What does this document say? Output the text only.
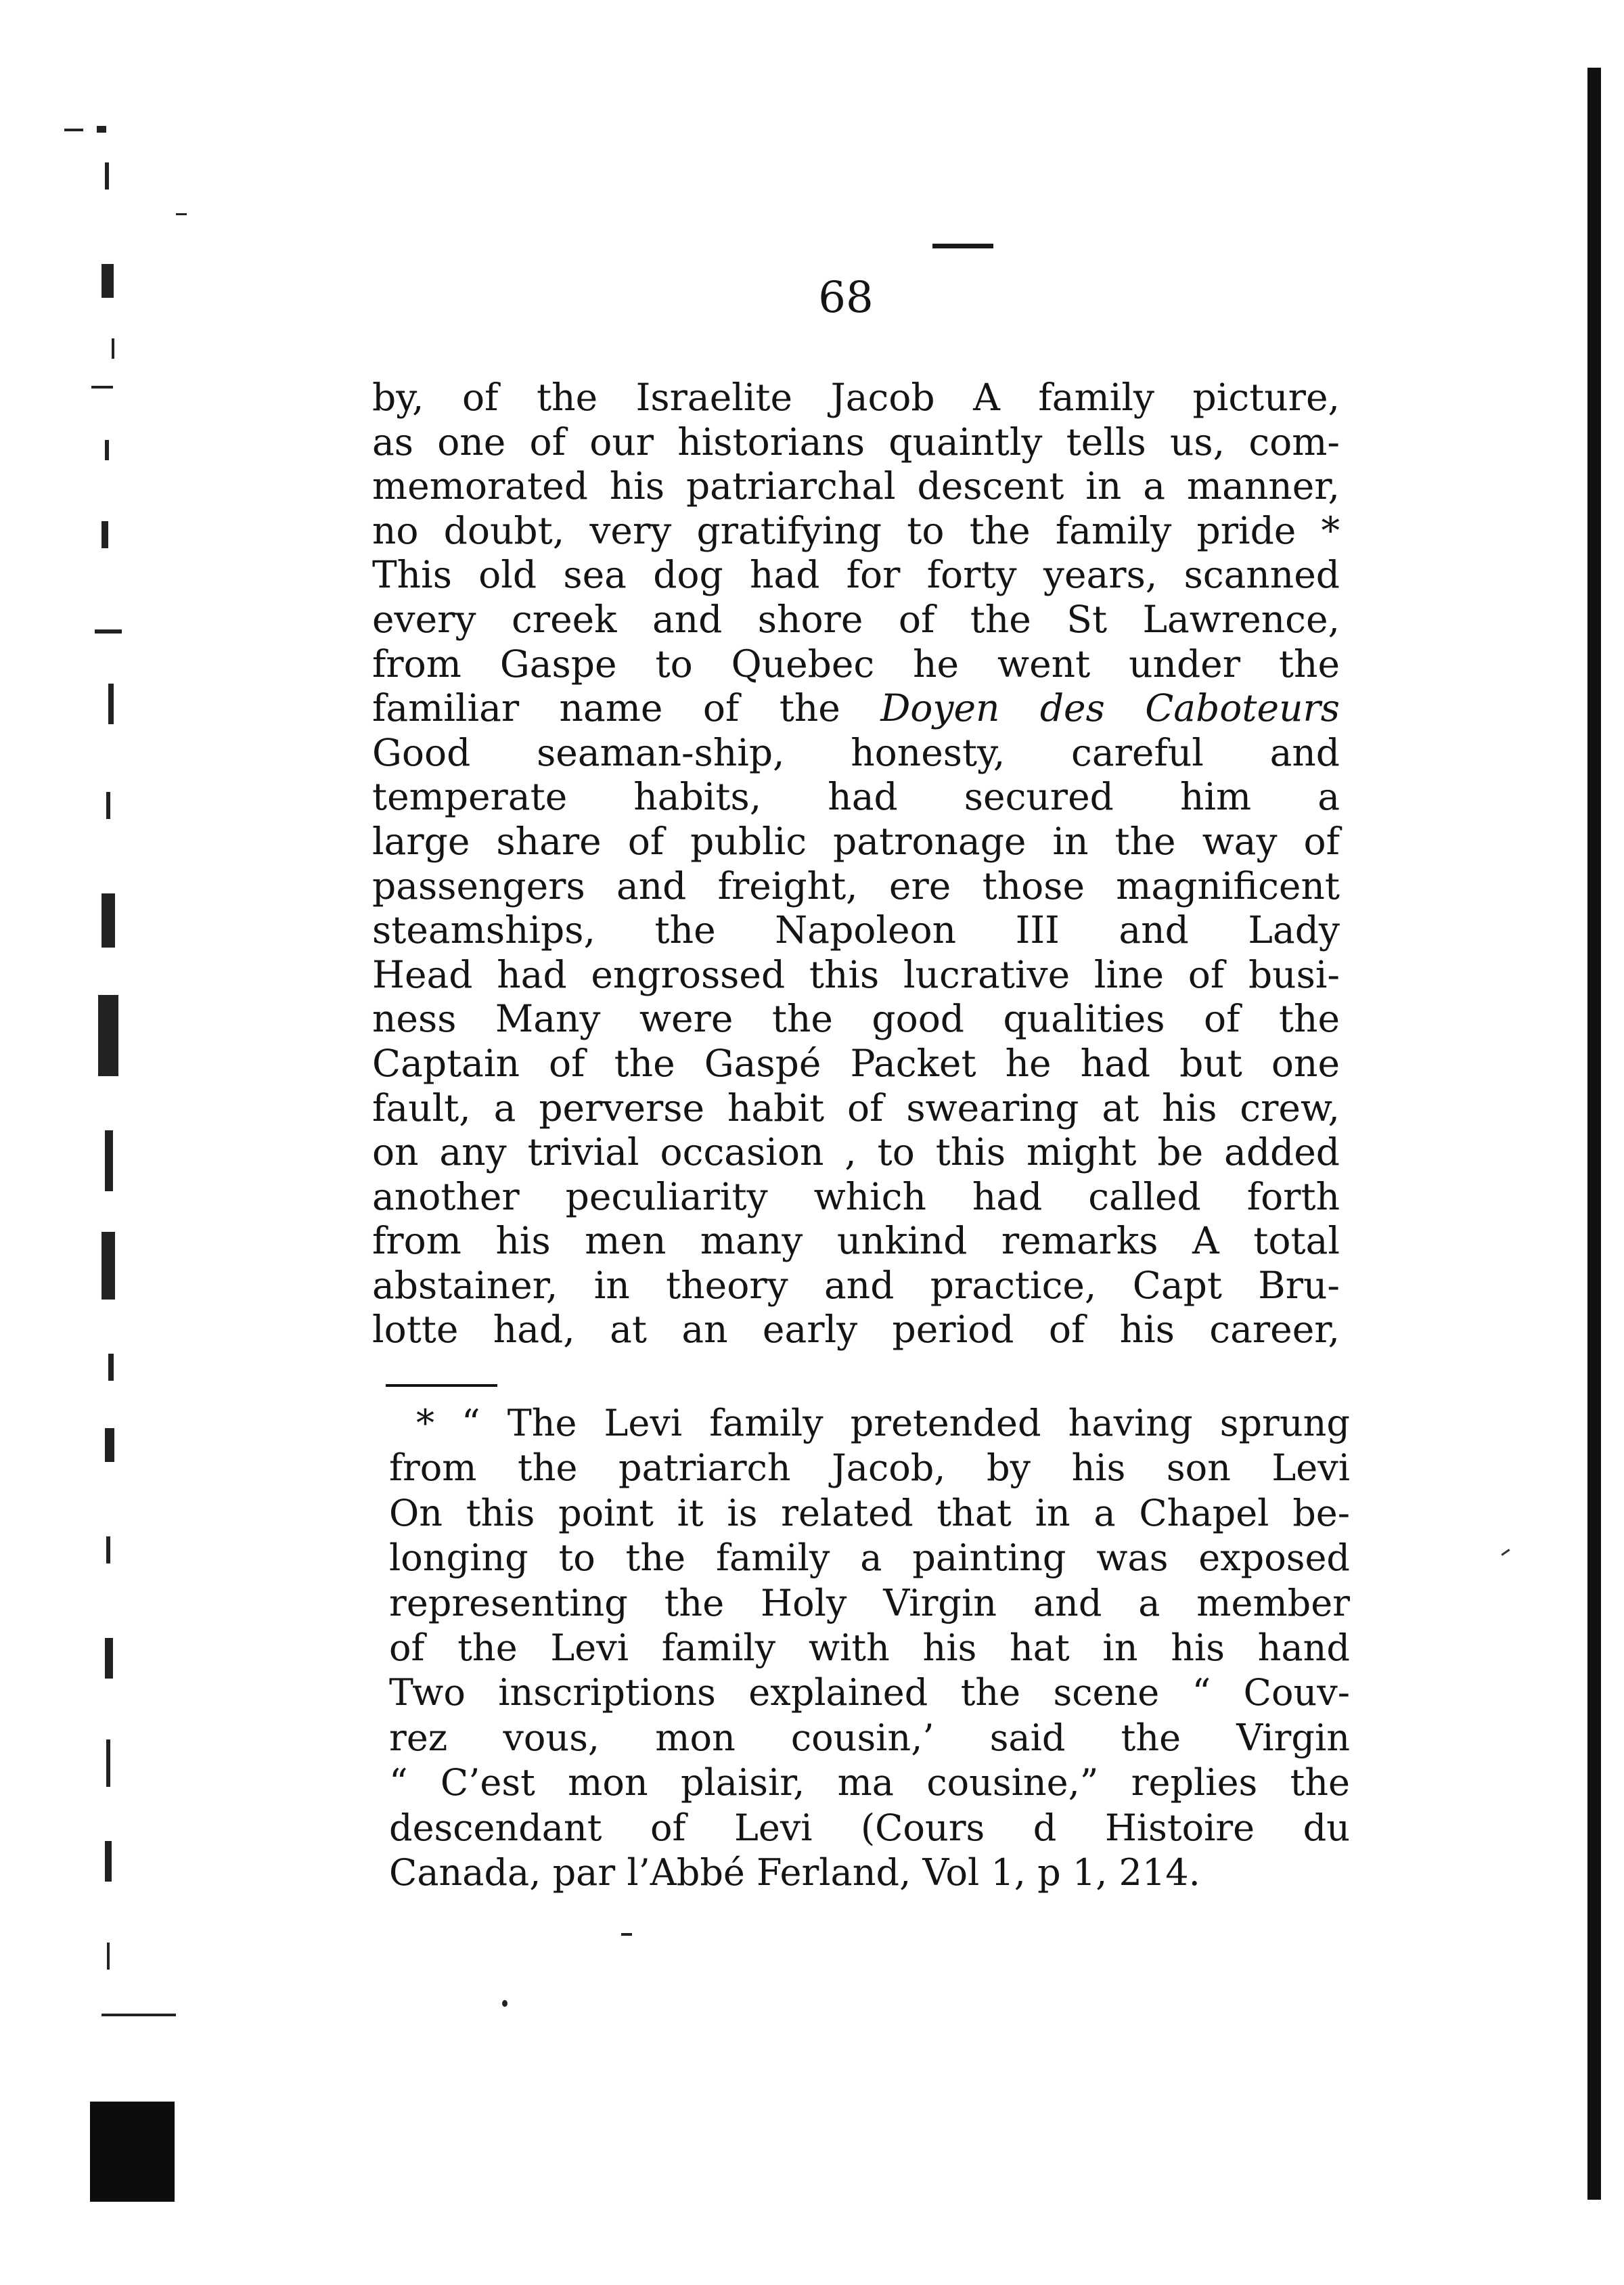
68
by, of the Israelite Jacob A family picture,
as one of our historians quaintly tells us, com-
memorated his patriarchal descent in a manner,
no doubt, very gratifying to the family pride *
This old sea dog had for forty years, scanned
every creek and shore of the St Lawrence,
from Gaspe to Quebec he went under the
familiar name of the Doyen des Caboteurs
Good seaman-ship, honesty, careful and
temperate habits, had secured him a
large share of public patronage in the way of
passengers and freight, ere those magnificent
steamships, the Napoleon III and Lady
Head had engrossed this lucrative line of busi-
ness Many were the good qualities of the
Captain of the Gaspé Packet he had but one
fault, a perverse habit of swearing at his crew,
on any trivial occasion , to this might be added
another peculiarity which had called forth
from his men many unkind remarks A total
abstainer, in theory and practice, Capt Bru-
lotte had, at an early period of his career,
* “ The Levi family pretended having sprung
from the patriarch Jacob, by his son Levi
On this point it is related that in a Chapel be-
longing to the family a painting was exposed
representing the Holy Virgin and a member
of the Levi family with his hat in his hand
Two inscriptions explained the scene “ Couv-
rez vous, mon cousin,’ said the Virgin
“ C’est mon plaisir, ma cousine,” replies the
descendant of Levi (Cours d Histoire du
Canada, par l’Abbé Ferland, Vol 1, p 1, 214.
